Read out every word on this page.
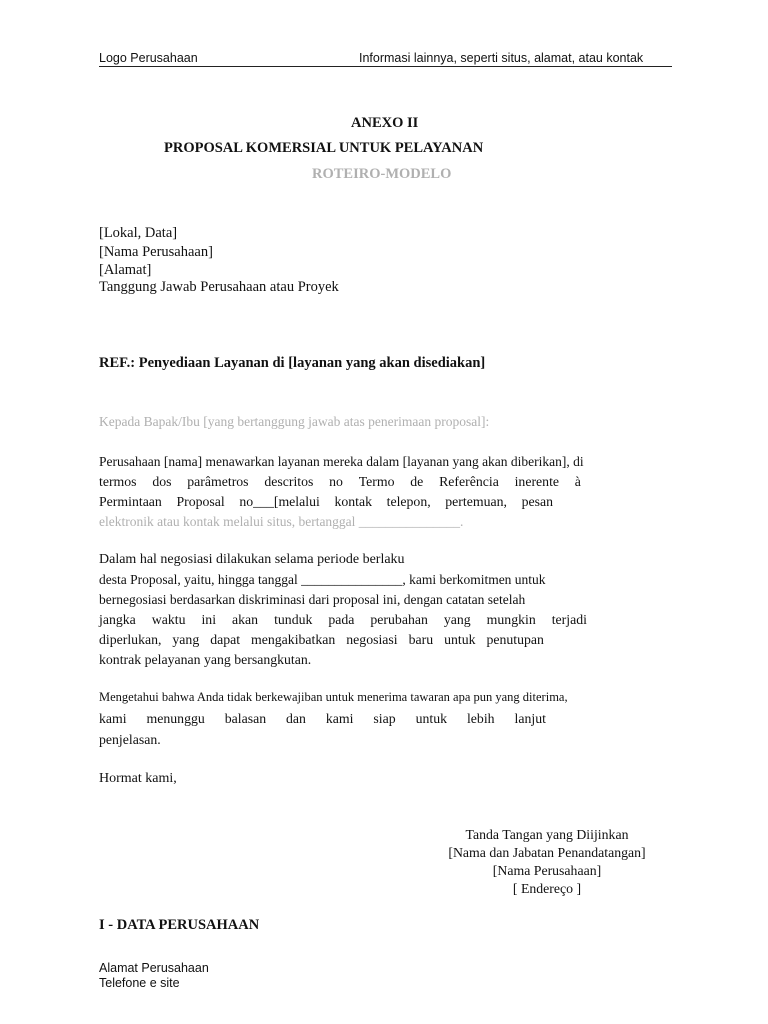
Logo Perusahaan	Informasi lainnya, seperti situs, alamat, atau kontak
ANEXO II
PROPOSAL KOMERSIAL UNTUK PELAYANAN
ROTEIRO-MODELO
[Lokal, Data]
[Nama Perusahaan]
[Alamat]
Tanggung Jawab Perusahaan atau Proyek
REF.: Penyediaan Layanan di [layanan yang akan disediakan]
Kepada Bapak/Ibu [yang bertanggung jawab atas penerimaan proposal]:
Perusahaan [nama] menawarkan layanan mereka dalam [layanan yang akan diberikan], di
termos dos parâmetros descritos no Termo de Referência inerente à
Permintaan Proposal no___[melalui kontak telepon, pertemuan, pesan
elektronik atau kontak melalui situs, bertanggal _______________.
Dalam hal negosiasi dilakukan selama periode berlaku
desta Proposal, yaitu, hingga tanggal _______________, kami berkomitmen untuk
bernegosiasi berdasarkan diskriminasi dari proposal ini, dengan catatan setelah
jangka waktu ini akan tunduk pada perubahan yang mungkin terjadi
diperlukan, yang dapat mengakibatkan negosiasi baru untuk penutupan
kontrak pelayanan yang bersangkutan.
Mengetahui bahwa Anda tidak berkewajiban untuk menerima tawaran apa pun yang diterima,
kami menunggu balasan dan kami siap untuk lebih lanjut
penjelasan.
Hormat kami,
Tanda Tangan yang Diijinkan
[Nama dan Jabatan Penandatangan]
[Nama Perusahaan]
[ Endereço ]
I - DATA PERUSAHAAN
Alamat Perusahaan
Telefone e site
